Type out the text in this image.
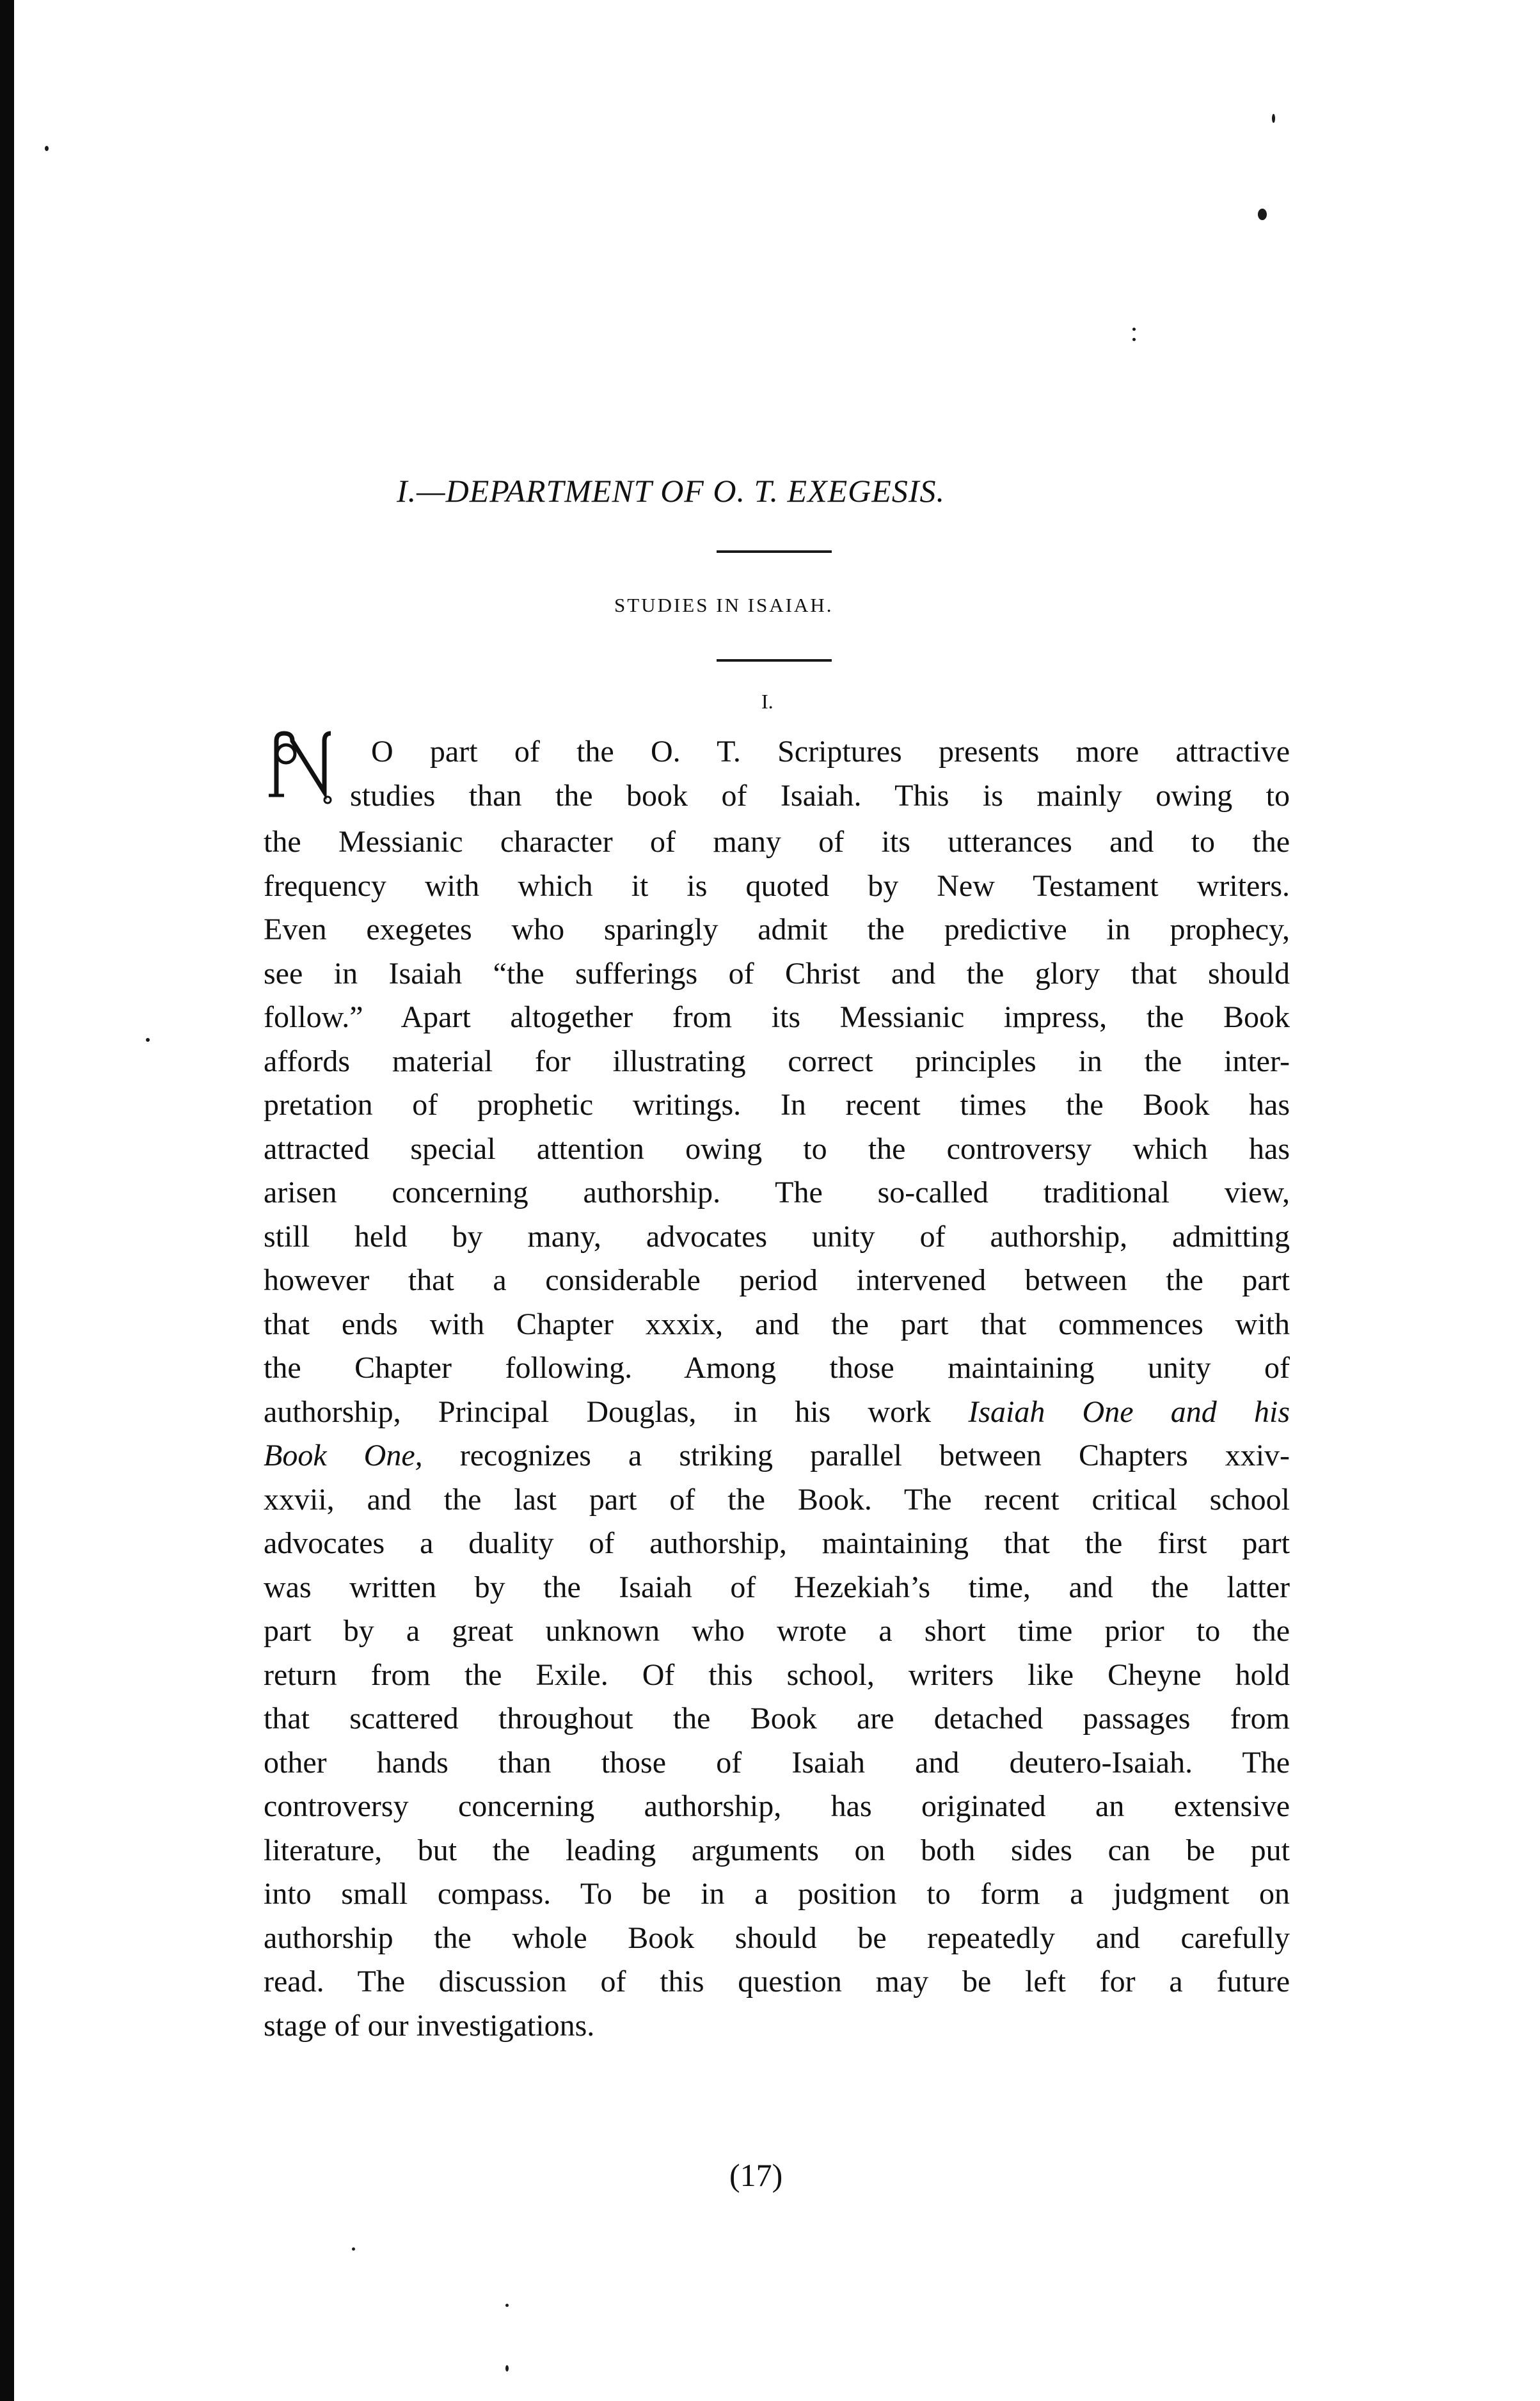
I.—DEPARTMENT OF O. T. EXEGESIS.
STUDIES IN ISAIAH.
I.
O part of the O. T. Scriptures presents more attractive
studies than the book of Isaiah. This is mainly owing to
the Messianic character of many of its utterances and to the
frequency with which it is quoted by New Testament writers.
Even exegetes who sparingly admit the predictive in prophecy,
see in Isaiah “the sufferings of Christ and the glory that should
follow.” Apart altogether from its Messianic impress, the Book
affords material for illustrating correct principles in the inter-
pretation of prophetic writings. In recent times the Book has
attracted special attention owing to the controversy which has
arisen concerning authorship. The so-called traditional view,
still held by many, advocates unity of authorship, admitting
however that a considerable period intervened between the part
that ends with Chapter xxxix, and the part that commences with
the Chapter following. Among those maintaining unity of
authorship, Principal Douglas, in his work Isaiah One and his
Book One, recognizes a striking parallel between Chapters xxiv-
xxvii, and the last part of the Book. The recent critical school
advocates a duality of authorship, maintaining that the first part
was written by the Isaiah of Hezekiah’s time, and the latter
part by a great unknown who wrote a short time prior to the
return from the Exile. Of this school, writers like Cheyne hold
that scattered throughout the Book are detached passages from
other hands than those of Isaiah and deutero-Isaiah. The
controversy concerning authorship, has originated an extensive
literature, but the leading arguments on both sides can be put
into small compass. To be in a position to form a judgment on
authorship the whole Book should be repeatedly and carefully
read. The discussion of this question may be left for a future
stage of our investigations.
(17)
